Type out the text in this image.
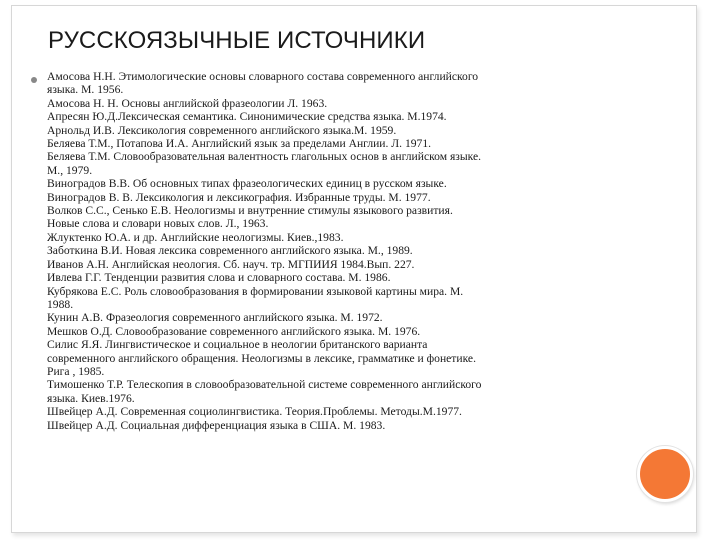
РУССКОЯЗЫЧНЫЕ ИСТОЧНИКИ
Амосова Н.Н. Этимологические основы словарного состава современного английского
языка. М. 1956.
Амосова Н. Н. Основы английской фразеологии Л. 1963.
Апресян Ю.Д.Лексическая семантика. Синонимические средства языка. М.1974.
Арнольд И.В. Лексикология современного английского языка.М. 1959.
Беляева Т.М., Потапова И.А. Английский язык за пределами Англии. Л. 1971.
Беляева Т.М. Словообразовательная валентность глагольных основ в английском языке.
М., 1979.
Виноградов В.В. Об основных типах фразеологических единиц в русском языке.
Виноградов В. В. Лексикология и лексикография. Избранные труды. М. 1977.
Волков С.С., Сенько Е.В. Неологизмы и внутренние стимулы языкового развития.
Новые слова и словари новых слов. Л., 1963.
Жлуктенко Ю.А. и др. Английские неологизмы. Киев.,1983.
Заботкина В.И. Новая лексика современного английского языка. М., 1989.
Иванов А.Н. Английская неология. Сб. науч. тр. МГПИИЯ 1984.Вып. 227.
Ивлева Г.Г. Тенденции развития слова и словарного состава. М. 1986.
Кубрякова Е.С. Роль словообразования в формировании языковой картины мира. М.
1988.
Кунин А.В. Фразеология современного английского языка. М. 1972.
Мешков О.Д. Словообразование современного английского языка. М. 1976.
Силис Я.Я. Лингвистическое и социальное в неологии британского варианта
современного английского обращения. Неологизмы в лексике, грамматике и фонетике.
Рига , 1985.
Тимошенко Т.Р. Телескопия в словообразовательной системе современного английского
языка. Киев.1976.
Швейцер А.Д. Современная социолингвистика. Теория.Проблемы. Методы.М.1977.
Швейцер А.Д. Социальная дифференциация языка в США. М. 1983.
